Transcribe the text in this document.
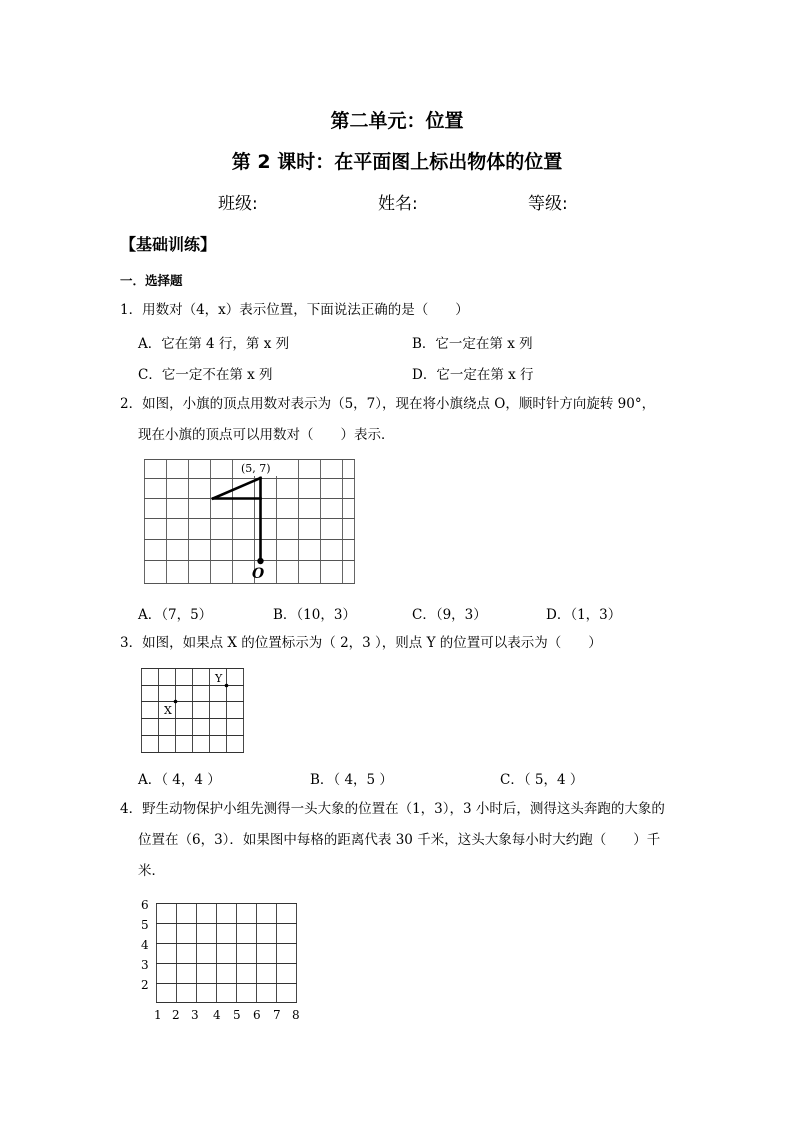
第二单元：位置
第 2 课时：在平面图上标出物体的位置
班级:	姓名:	等级:
【基础训练】
一．选择题
1．用数对（4，x）表示位置，下面说法正确的是（　　）
A．它在第 4 行，第 x 列	B．它一定在第 x 列
C．它一定不在第 x 列	D．它一定在第 x 行
2．如图，小旗的顶点用数对表示为（5，7），现在将小旗绕点 O，顺时针方向旋转 90°，
现在小旗的顶点可以用数对（　　）表示．
(5, 7)
O
A．（7，5）	B．（10，3）	C．（9，3）	D．（1，3）
3．如图，如果点 X 的位置标示为（ 2，3 ），则点 Y 的位置可以表示为（　　）
Y
X
A．（ 4，4 ）	B．（ 4，5 ）	C．（ 5，4 ）
4．野生动物保护小组先测得一头大象的位置在（1，3），3 小时后，测得这头奔跑的大象的
位置在（6，3）．如果图中每格的距离代表 30 千米，这头大象每小时大约跑（　　）千
米．
6
5
4
3
2
1 2 3 4 5 6 7 8
